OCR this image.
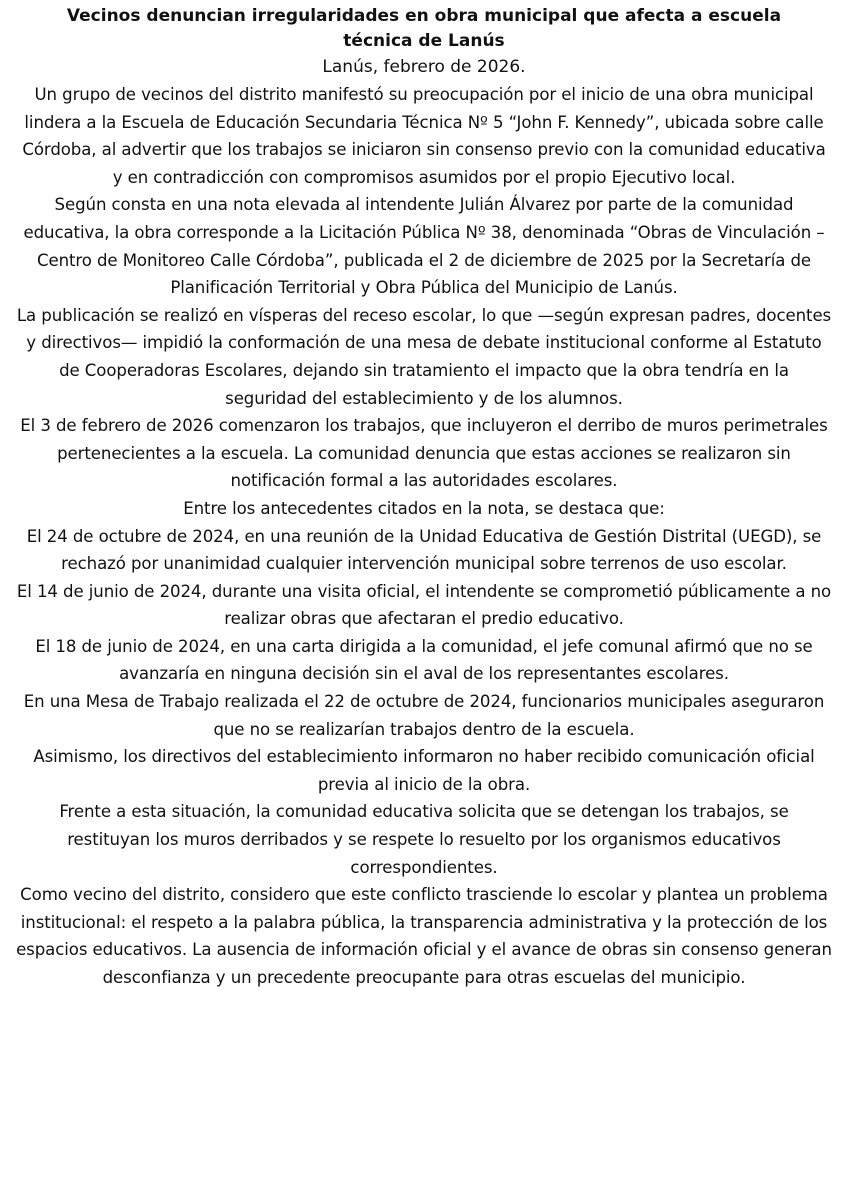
Vecinos denuncian irregularidades en obra municipal que afecta a escuela técnica de Lanús

Lanús, febrero de 2026.

Un grupo de vecinos del distrito manifestó su preocupación por el inicio de una obra municipal lindera a la Escuela de Educación Secundaria Técnica Nº 5 “John F. Kennedy”, ubicada sobre calle Córdoba, al advertir que los trabajos se iniciaron sin consenso previo con la comunidad educativa y en contradicción con compromisos asumidos por el propio Ejecutivo local.

Según consta en una nota elevada al intendente Julián Álvarez por parte de la comunidad educativa, la obra corresponde a la Licitación Pública Nº 38, denominada “Obras de Vinculación – Centro de Monitoreo Calle Córdoba”, publicada el 2 de diciembre de 2025 por la Secretaría de Planificación Territorial y Obra Pública del Municipio de Lanús.

La publicación se realizó en vísperas del receso escolar, lo que —según expresan padres, docentes y directivos— impidió la conformación de una mesa de debate institucional conforme al Estatuto de Cooperadoras Escolares, dejando sin tratamiento el impacto que la obra tendría en la seguridad del establecimiento y de los alumnos.

El 3 de febrero de 2026 comenzaron los trabajos, que incluyeron el derribo de muros perimetrales pertenecientes a la escuela. La comunidad denuncia que estas acciones se realizaron sin notificación formal a las autoridades escolares.

Entre los antecedentes citados en la nota, se destaca que:

El 24 de octubre de 2024, en una reunión de la Unidad Educativa de Gestión Distrital (UEGD), se rechazó por unanimidad cualquier intervención municipal sobre terrenos de uso escolar.

El 14 de junio de 2024, durante una visita oficial, el intendente se comprometió públicamente a no realizar obras que afectaran el predio educativo.

El 18 de junio de 2024, en una carta dirigida a la comunidad, el jefe comunal afirmó que no se avanzaría en ninguna decisión sin el aval de los representantes escolares.

En una Mesa de Trabajo realizada el 22 de octubre de 2024, funcionarios municipales aseguraron que no se realizarían trabajos dentro de la escuela.

Asimismo, los directivos del establecimiento informaron no haber recibido comunicación oficial previa al inicio de la obra.

Frente a esta situación, la comunidad educativa solicita que se detengan los trabajos, se restituyan los muros derribados y se respete lo resuelto por los organismos educativos correspondientes.

Como vecino del distrito, considero que este conflicto trasciende lo escolar y plantea un problema institucional: el respeto a la palabra pública, la transparencia administrativa y la protección de los espacios educativos. La ausencia de información oficial y el avance de obras sin consenso generan desconfianza y un precedente preocupante para otras escuelas del municipio.
